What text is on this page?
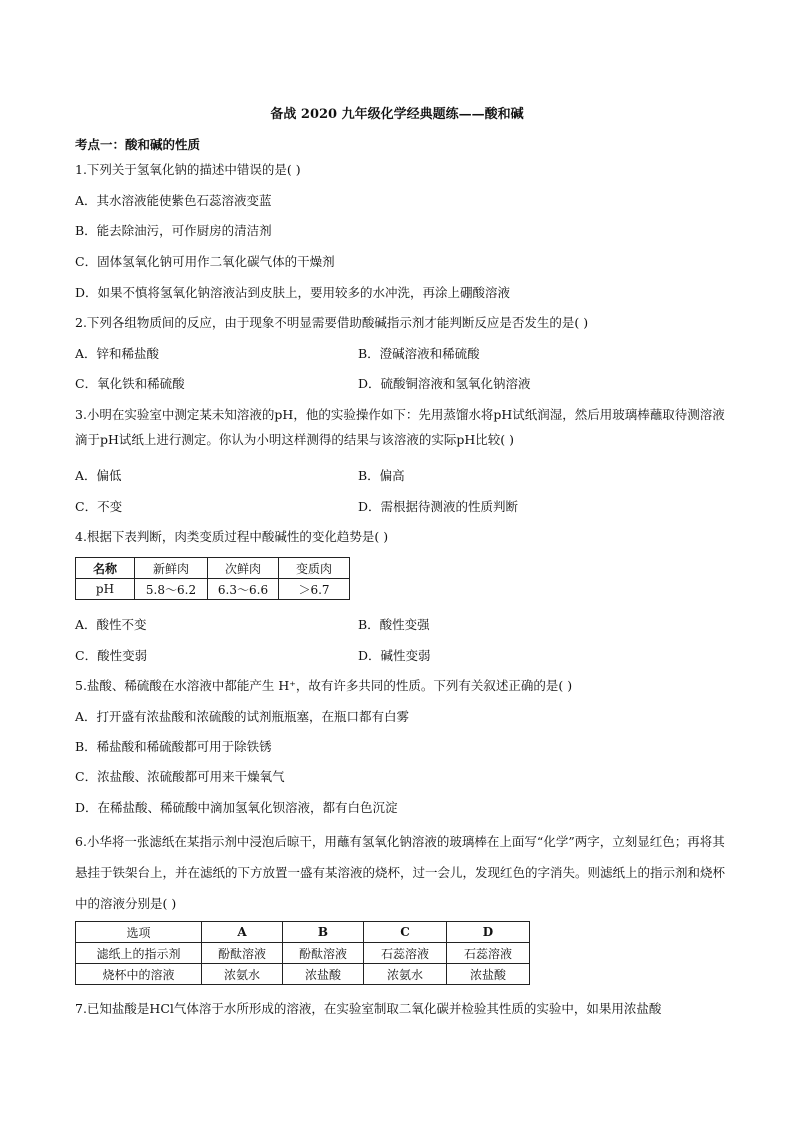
备战 2020 九年级化学经典题练——酸和碱
考点一：酸和碱的性质
1.下列关于氢氧化钠的描述中错误的是( )
A．其水溶液能使紫色石蕊溶液变蓝
B．能去除油污，可作厨房的清洁剂
C．固体氢氧化钠可用作二氧化碳气体的干燥剂
D．如果不慎将氢氧化钠溶液沾到皮肤上，要用较多的水冲洗，再涂上硼酸溶液
2.下列各组物质间的反应，由于现象不明显需要借助酸碱指示剂才能判断反应是否发生的是( )
A．锌和稀盐酸	B．澄碱溶液和稀硫酸
C．氧化铁和稀硫酸	D．硫酸铜溶液和氢氧化钠溶液
3.小明在实验室中测定某未知溶液的pH，他的实验操作如下：先用蒸馏水将pH试纸润湿，然后用玻璃棒蘸取待测溶液滴于pH试纸上进行测定。你认为小明这样测得的结果与该溶液的实际pH比较( )
A．偏低	B．偏高
C．不变	D．需根据待测液的性质判断
4.根据下表判断，肉类变质过程中酸碱性的变化趋势是( )
名称	新鲜肉	次鲜肉	变质肉
pH	5.8～6.2	6.3～6.6	＞6.7
A．酸性不变	B．酸性变强
C．酸性变弱	D．碱性变弱
5.盐酸、稀硫酸在水溶液中都能产生 H⁺，故有许多共同的性质。下列有关叙述正确的是( )
A．打开盛有浓盐酸和浓硫酸的试剂瓶瓶塞，在瓶口都有白雾
B．稀盐酸和稀硫酸都可用于除铁锈
C．浓盐酸、浓硫酸都可用来干燥氧气
D．在稀盐酸、稀硫酸中滴加氢氧化钡溶液，都有白色沉淀
6.小华将一张滤纸在某指示剂中浸泡后晾干，用蘸有氢氧化钠溶液的玻璃棒在上面写“化学”两字，立刻显红色；再将其悬挂于铁架台上，并在滤纸的下方放置一盛有某溶液的烧杯，过一会儿，发现红色的字消失。则滤纸上的指示剂和烧杯中的溶液分别是( )
选项	A	B	C	D
滤纸上的指示剂	酚酞溶液	酚酞溶液	石蕊溶液	石蕊溶液
烧杯中的溶液	浓氨水	浓盐酸	浓氨水	浓盐酸
7.已知盐酸是HCl气体溶于水所形成的溶液，在实验室制取二氧化碳并检验其性质的实验中，如果用浓盐酸
